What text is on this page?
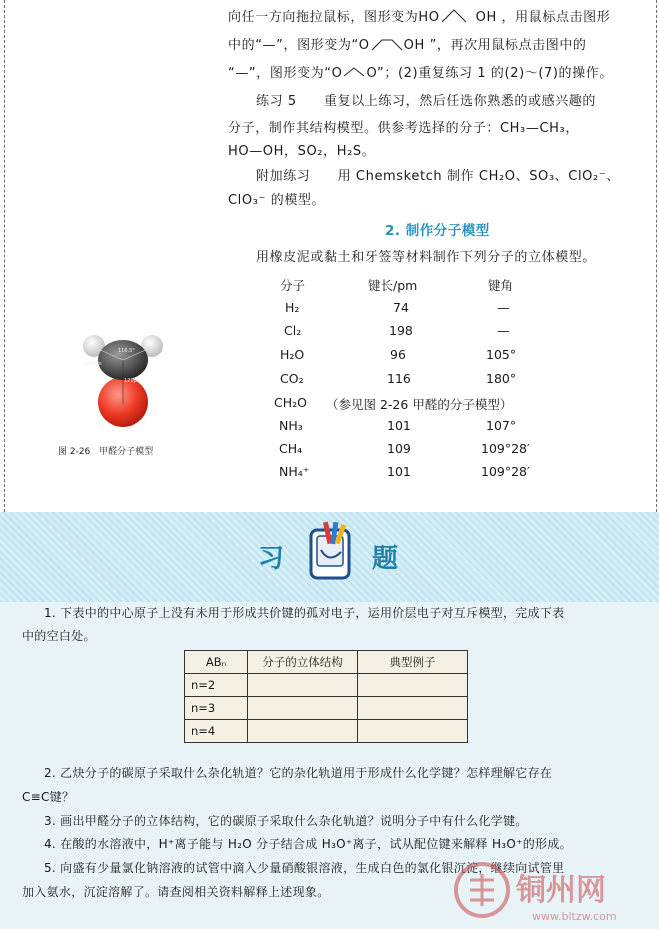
向任一方向拖拉鼠标，图形变为HO	OH ，用鼠标点击图形
中的“—”，图形变为“O	OH ”，再次用鼠标点击图中的
“—”，图形变为“O O”；(2)重复练习 1 的(2)～(7)的操作。
练习 5　　重复以上练习，然后任选你熟悉的或感兴趣的
分子，制作其结构模型。供参考选择的分子：CH₃—CH₃，
HO—OH，SO₂，H₂S。
附加练习　　用 Chemsketch 制作 CH₂O、SO₃、ClO₂⁻、
ClO₃⁻ 的模型。
2. 制作分子模型
用橡皮泥或黏土和牙签等材料制作下列分子的立体模型。
分子	键长/pm	键角
H₂	74	—
Cl₂	198	—
H₂O	96	105°
CO₂	116	180°
CH₂O （参见图 2-26 甲醛的分子模型）
NH₃	101	107°
CH₄	109	109°28′
NH₄⁺	101	109°28′
116.5°
109pm
121pm
图 2-26　甲醛分子模型
习	题
1. 下表中的中心原子上没有未用于形成共价键的孤对电子，运用价层电子对互斥模型，完成下表
中的空白处。
ABₙ	分子的立体结构	典型例子
n=2		
n=3		
n=4		
2. 乙炔分子的碳原子采取什么杂化轨道？它的杂化轨道用于形成什么化学键？怎样理解它存在
C≡C键？
3. 画出甲醛分子的立体结构，它的碳原子采取什么杂化轨道？说明分子中有什么化学键。
4. 在酸的水溶液中，H⁺离子能与 H₂O 分子结合成 H₃O⁺离子，试从配位键来解释 H₃O⁺的形成。
5. 向盛有少量氯化钠溶液的试管中滴入少量硝酸银溶液，生成白色的氯化银沉淀，继续向试管里
加入氨水，沉淀溶解了。请查阅相关资料解释上述现象。	铜州网
www.bltzw.com
